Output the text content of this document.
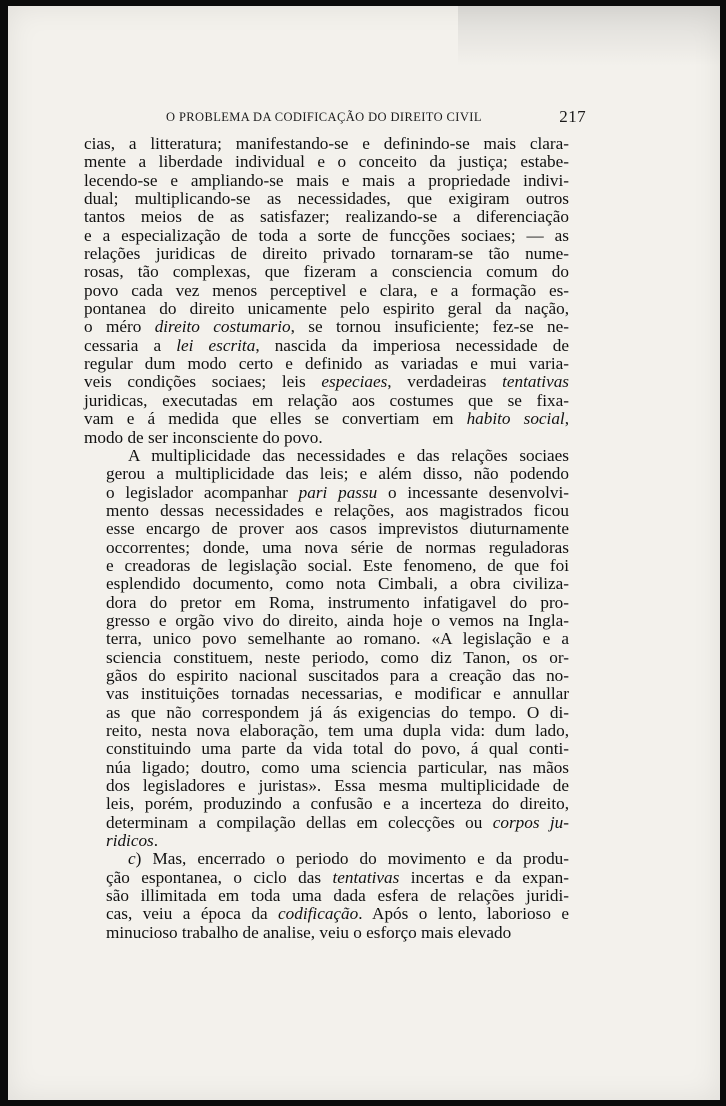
O PROBLEMA DA CODIFICAÇÃO DO DIREITO CIVIL	217

cias, a litteratura; manifestando-se e definindo-se mais clara-
mente a liberdade individual e o conceito da justiça; estabe-
lecendo-se e ampliando-se mais e mais a propriedade indivi-
dual; multiplicando-se as necessidades, que exigiram outros
tantos meios de as satisfazer; realizando-se a diferenciação
e a especialização de toda a sorte de funcções sociaes; — as
relações juridicas de direito privado tornaram-se tão nume-
rosas, tão complexas, que fizeram a consciencia comum do
povo cada vez menos perceptivel e clara, e a formação es-
pontanea do direito unicamente pelo espirito geral da nação,
o méro direito costumario, se tornou insuficiente; fez-se ne-
cessaria a lei escrita, nascida da imperiosa necessidade de
regular dum modo certo e definido as variadas e mui varia-
veis condições sociaes; leis especiaes, verdadeiras tentativas
juridicas, executadas em relação aos costumes que se fixa-
vam e á medida que elles se convertiam em habito social,
modo de ser inconsciente do povo.

A multiplicidade das necessidades e das relações sociaes
gerou a multiplicidade das leis; e além disso, não podendo
o legislador acompanhar pari passu o incessante desenvolvi-
mento dessas necessidades e relações, aos magistrados ficou
esse encargo de prover aos casos imprevistos diuturnamente
occorrentes; donde, uma nova série de normas reguladoras
e creadoras de legislação social. Este fenomeno, de que foi
esplendido documento, como nota Cimbali, a obra civiliza-
dora do pretor em Roma, instrumento infatigavel do pro-
gresso e orgão vivo do direito, ainda hoje o vemos na Ingla-
terra, unico povo semelhante ao romano. «A legislação e a
sciencia constituem, neste periodo, como diz Tanon, os or-
gãos do espirito nacional suscitados para a creação das no-
vas instituições tornadas necessarias, e modificar e annullar
as que não correspondem já ás exigencias do tempo. O di-
reito, nesta nova elaboração, tem uma dupla vida: dum lado,
constituindo uma parte da vida total do povo, á qual conti-
núa ligado; doutro, como uma sciencia particular, nas mãos
dos legisladores e juristas». Essa mesma multiplicidade de
leis, porém, produzindo a confusão e a incerteza do direito,
determinam a compilação dellas em colecções ou corpos ju-
ridicos.

c) Mas, encerrado o periodo do movimento e da produ-
ção espontanea, o ciclo das tentativas incertas e da expan-
são illimitada em toda uma dada esfera de relações juridi-
cas, veiu a época da codificação. Após o lento, laborioso e
minucioso trabalho de analise, veiu o esforço mais elevado
